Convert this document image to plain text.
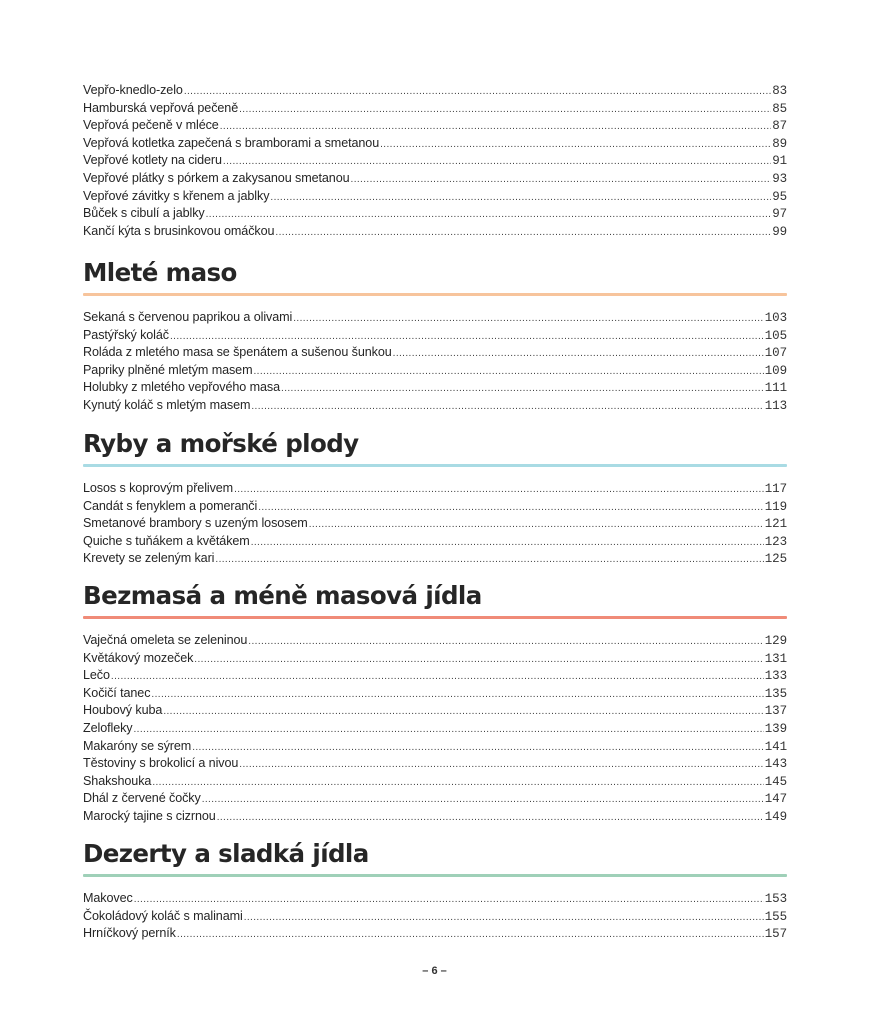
Vepřo-knedlo-zelo .....	83
Hamburská vepřová pečeně .....	85
Vepřová pečeně v mléce .....	87
Vepřová kotletka zapečená s bramborami a smetanou .....	89
Vepřové kotlety na cideru .....	91
Vepřové plátky s pórkem a zakysanou smetanou .....	93
Vepřové závitky s křenem a jablky .....	95
Bůček s cibulí a jablky .....	97
Kančí kýta s brusinkovou omáčkou .....	99
Mleté maso
Sekaná s červenou paprikou a olivami .....	103
Pastýřský koláč .....	105
Roláda z mletého masa se špenátem a sušenou šunkou .....	107
Papriky plněné mletým masem .....	109
Holubky z mletého vepřového masa .....	111
Kynutý koláč s mletým masem .....	113
Ryby a mořské plody
Losos s koprovým přelivem .....	117
Candát s fenyklem a pomeranči .....	119
Smetanové brambory s uzeným lososem .....	121
Quiche s tuňákem a květákem .....	123
Krevety se zeleným kari .....	125
Bezmasá a méně masová jídla
Vaječná omeleta se zeleninou .....	129
Květákový mozeček .....	131
Lečo .....	133
Kočičí tanec .....	135
Houbový kuba .....	137
Zelofleky .....	139
Makaróny se sýrem .....	141
Těstoviny s brokolicí a nivou .....	143
Shakshouka .....	145
Dhál z červené čočky .....	147
Marocký tajine s cizrnou .....	149
Dezerty a sladká jídla
Makovec .....	153
Čokoládový koláč s malinami .....	155
Hrníčkový perník .....	157
– 6 –
